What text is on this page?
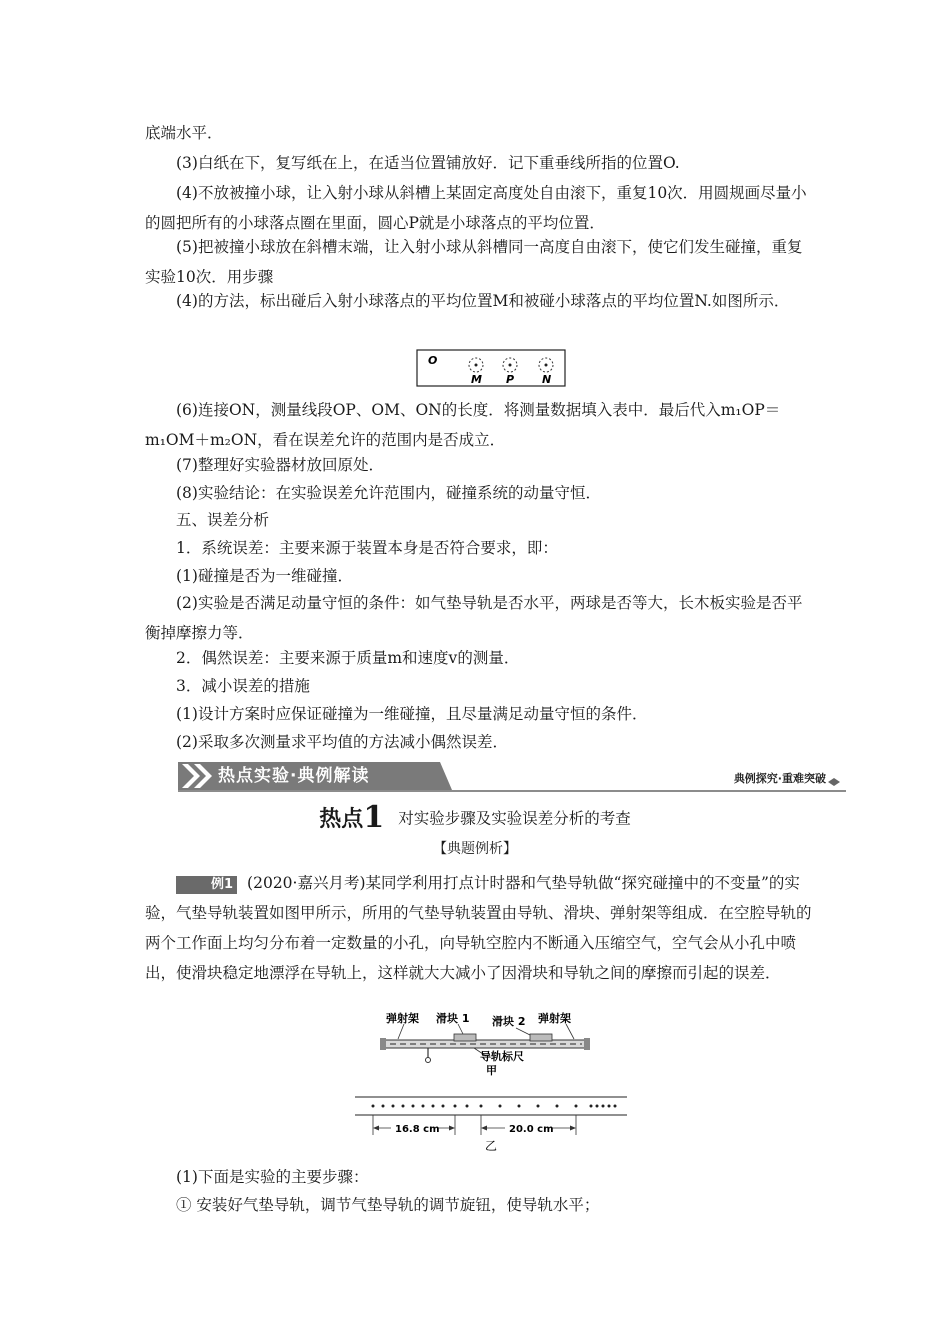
底端水平．

(3)白纸在下，复写纸在上，在适当位置铺放好．记下重垂线所指的位置O.

(4)不放被撞小球，让入射小球从斜槽上某固定高度处自由滚下，重复10次．用圆规画尽量小的圆把所有的小球落点圈在里面，圆心P就是小球落点的平均位置．

(5)把被撞小球放在斜槽末端，让入射小球从斜槽同一高度自由滚下，使它们发生碰撞，重复实验10次．用步骤

(4)的方法，标出碰后入射小球落点的平均位置M和被碰小球落点的平均位置N.如图所示．

O
M P	N

(6)连接ON，测量线段OP、OM、ON的长度．将测量数据填入表中．最后代入m₁OP＝m₁OM＋m₂ON，看在误差允许的范围内是否成立．

(7)整理好实验器材放回原处．

(8)实验结论：在实验误差允许范围内，碰撞系统的动量守恒．

五、误差分析

1．系统误差：主要来源于装置本身是否符合要求，即：

(1)碰撞是否为一维碰撞．

(2)实验是否满足动量守恒的条件：如气垫导轨是否水平，两球是否等大，长木板实验是否平衡掉摩擦力等．

2．偶然误差：主要来源于质量m和速度v的测量．

3．减小误差的措施

(1)设计方案时应保证碰撞为一维碰撞，且尽量满足动量守恒的条件．

(2)采取多次测量求平均值的方法减小偶然误差．

热点实验·典例解读	典例探究·重难突破
热点1 对实验步骤及实验误差分析的考查
【典题例析】

例1 (2020·嘉兴月考)某同学利用打点计时器和气垫导轨做“探究碰撞中的不变量”的实验，气垫导轨装置如图甲所示，所用的气垫导轨装置由导轨、滑块、弹射架等组成．在空腔导轨的两个工作面上均匀分布着一定数量的小孔，向导轨空腔内不断通入压缩空气，空气会从小孔中喷出，使滑块稳定地漂浮在导轨上，这样就大大减小了因滑块和导轨之间的摩擦而引起的误差．

弹射架 滑块 1 滑块 2 弹射架
导轨标尺
甲
16.8 cm	20.0 cm
乙

(1)下面是实验的主要步骤：

① 安装好气垫导轨，调节气垫导轨的调节旋钮，使导轨水平；
